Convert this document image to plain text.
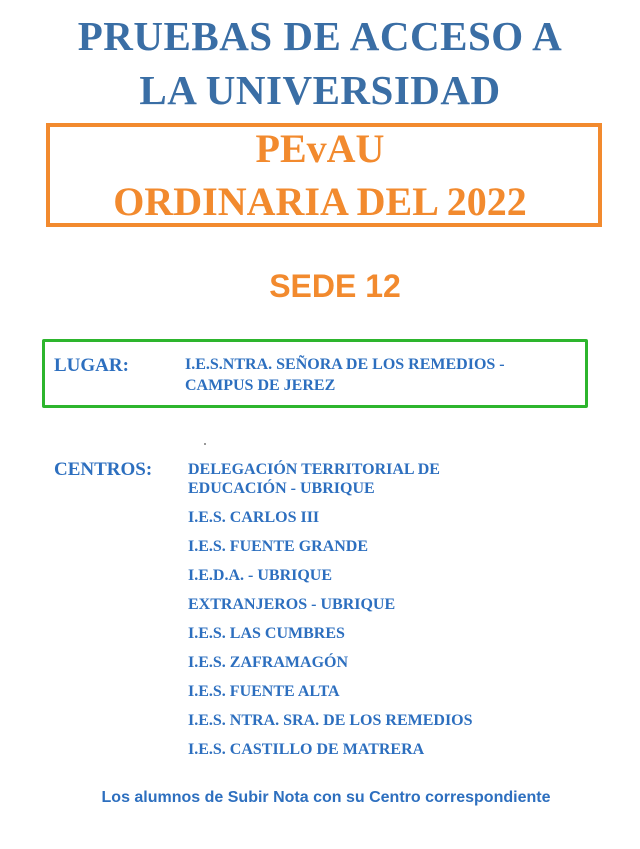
PRUEBAS DE ACCESO A
LA UNIVERSIDAD
PEvAU
ORDINARIA DEL 2022
SEDE 12
LUGAR:	I.E.S.NTRA. SEÑORA DE LOS REMEDIOS -
CAMPUS DE JEREZ
CENTROS: DELEGACIÓN TERRITORIAL DE
EDUCACIÓN - UBRIQUE
I.E.S. CARLOS III
I.E.S. FUENTE GRANDE
I.E.D.A. - UBRIQUE
EXTRANJEROS - UBRIQUE
I.E.S. LAS CUMBRES
I.E.S. ZAFRAMAGÓN
I.E.S. FUENTE ALTA
I.E.S. NTRA. SRA. DE LOS REMEDIOS
I.E.S. CASTILLO DE MATRERA
Los alumnos de Subir Nota con su Centro correspondiente
